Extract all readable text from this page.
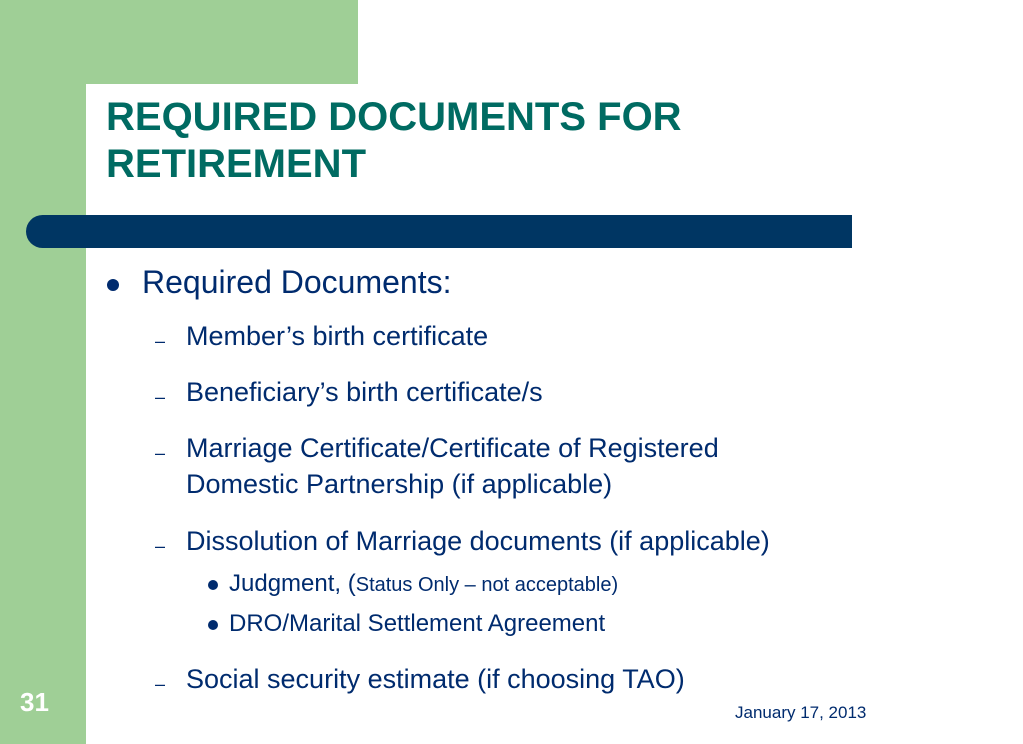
REQUIRED DOCUMENTS FOR
RETIREMENT
Required Documents:
– Member’s birth certificate
– Beneficiary’s birth certificate/s
– Marriage Certificate/Certificate of Registered
Domestic Partnership (if applicable)
– Dissolution of Marriage documents (if applicable)
Judgment, (Status Only – not acceptable)
DRO/Marital Settlement Agreement
– Social security estimate (if choosing TAO)
31	January 17, 2013
